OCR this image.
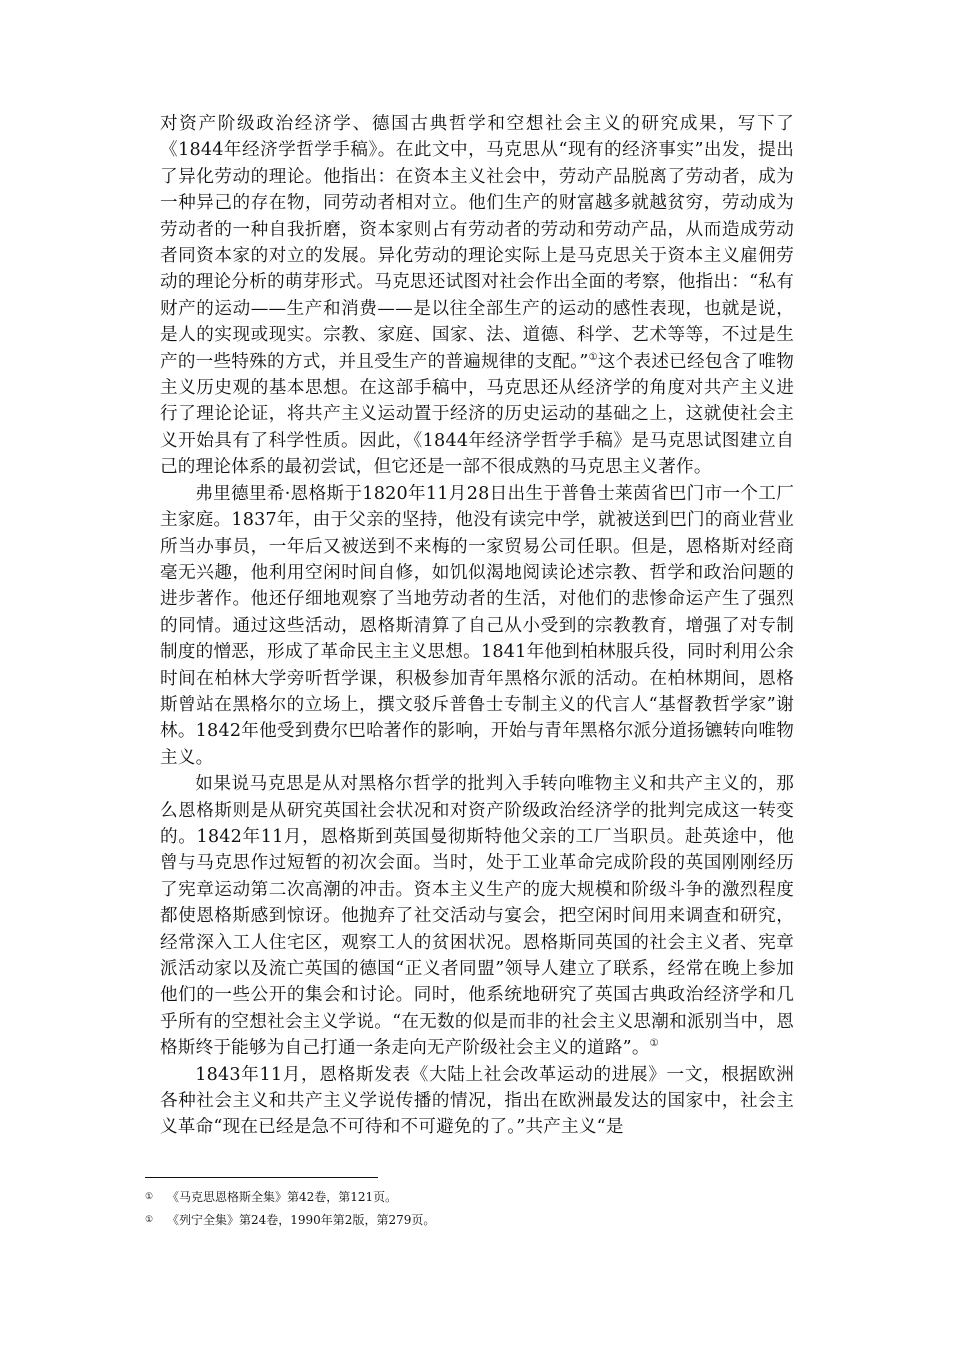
对资产阶级政治经济学、德国古典哲学和空想社会主义的研究成果，写下了《1844年经济学哲学手稿》。在此文中，马克思从“现有的经济事实”出发，提出了异化劳动的理论。他指出：在资本主义社会中，劳动产品脱离了劳动者，成为一种异己的存在物，同劳动者相对立。他们生产的财富越多就越贫穷，劳动成为劳动者的一种自我折磨，资本家则占有劳动者的劳动和劳动产品，从而造成劳动者同资本家的对立的发展。异化劳动的理论实际上是马克思关于资本主义雇佣劳动的理论分析的萌芽形式。马克思还试图对社会作出全面的考察，他指出：“私有财产的运动——生产和消费——是以往全部生产的运动的感性表现，也就是说，是人的实现或现实。宗教、家庭、国家、法、道德、科学、艺术等等，不过是生产的一些特殊的方式，并且受生产的普遍规律的支配。”①这个表述已经包含了唯物主义历史观的基本思想。在这部手稿中，马克思还从经济学的角度对共产主义进行了理论论证，将共产主义运动置于经济的历史运动的基础之上，这就使社会主义开始具有了科学性质。因此，《1844年经济学哲学手稿》是马克思试图建立自己的理论体系的最初尝试，但它还是一部不很成熟的马克思主义著作。

弗里德里希·恩格斯于1820年11月28日出生于普鲁士莱茵省巴门市一个工厂主家庭。1837年，由于父亲的坚持，他没有读完中学，就被送到巴门的商业营业所当办事员，一年后又被送到不来梅的一家贸易公司任职。但是，恩格斯对经商毫无兴趣，他利用空闲时间自修，如饥似渴地阅读论述宗教、哲学和政治问题的进步著作。他还仔细地观察了当地劳动者的生活，对他们的悲惨命运产生了强烈的同情。通过这些活动，恩格斯清算了自己从小受到的宗教教育，增强了对专制制度的憎恶，形成了革命民主主义思想。1841年他到柏林服兵役，同时利用公余时间在柏林大学旁听哲学课，积极参加青年黑格尔派的活动。在柏林期间，恩格斯曾站在黑格尔的立场上，撰文驳斥普鲁士专制主义的代言人“基督教哲学家”谢林。1842年他受到费尔巴哈著作的影响，开始与青年黑格尔派分道扬镳转向唯物主义。

如果说马克思是从对黑格尔哲学的批判入手转向唯物主义和共产主义的，那么恩格斯则是从研究英国社会状况和对资产阶级政治经济学的批判完成这一转变的。1842年11月，恩格斯到英国曼彻斯特他父亲的工厂当职员。赴英途中，他曾与马克思作过短暂的初次会面。当时，处于工业革命完成阶段的英国刚刚经历了宪章运动第二次高潮的冲击。资本主义生产的庞大规模和阶级斗争的激烈程度都使恩格斯感到惊讶。他抛弃了社交活动与宴会，把空闲时间用来调查和研究，经常深入工人住宅区，观察工人的贫困状况。恩格斯同英国的社会主义者、宪章派活动家以及流亡英国的德国“正义者同盟”领导人建立了联系，经常在晚上参加他们的一些公开的集会和讨论。同时，他系统地研究了英国古典政治经济学和几乎所有的空想社会主义学说。“在无数的似是而非的社会主义思潮和派别当中，恩格斯终于能够为自己打通一条走向无产阶级社会主义的道路”。①

1843年11月，恩格斯发表《大陆上社会改革运动的进展》一文，根据欧洲各种社会主义和共产主义学说传播的情况，指出在欧洲最发达的国家中，社会主义革命“现在已经是急不可待和不可避免的了。”共产主义“是

① 《马克思恩格斯全集》第42卷，第121页。

① 《列宁全集》第24卷，1990年第2版，第279页。
